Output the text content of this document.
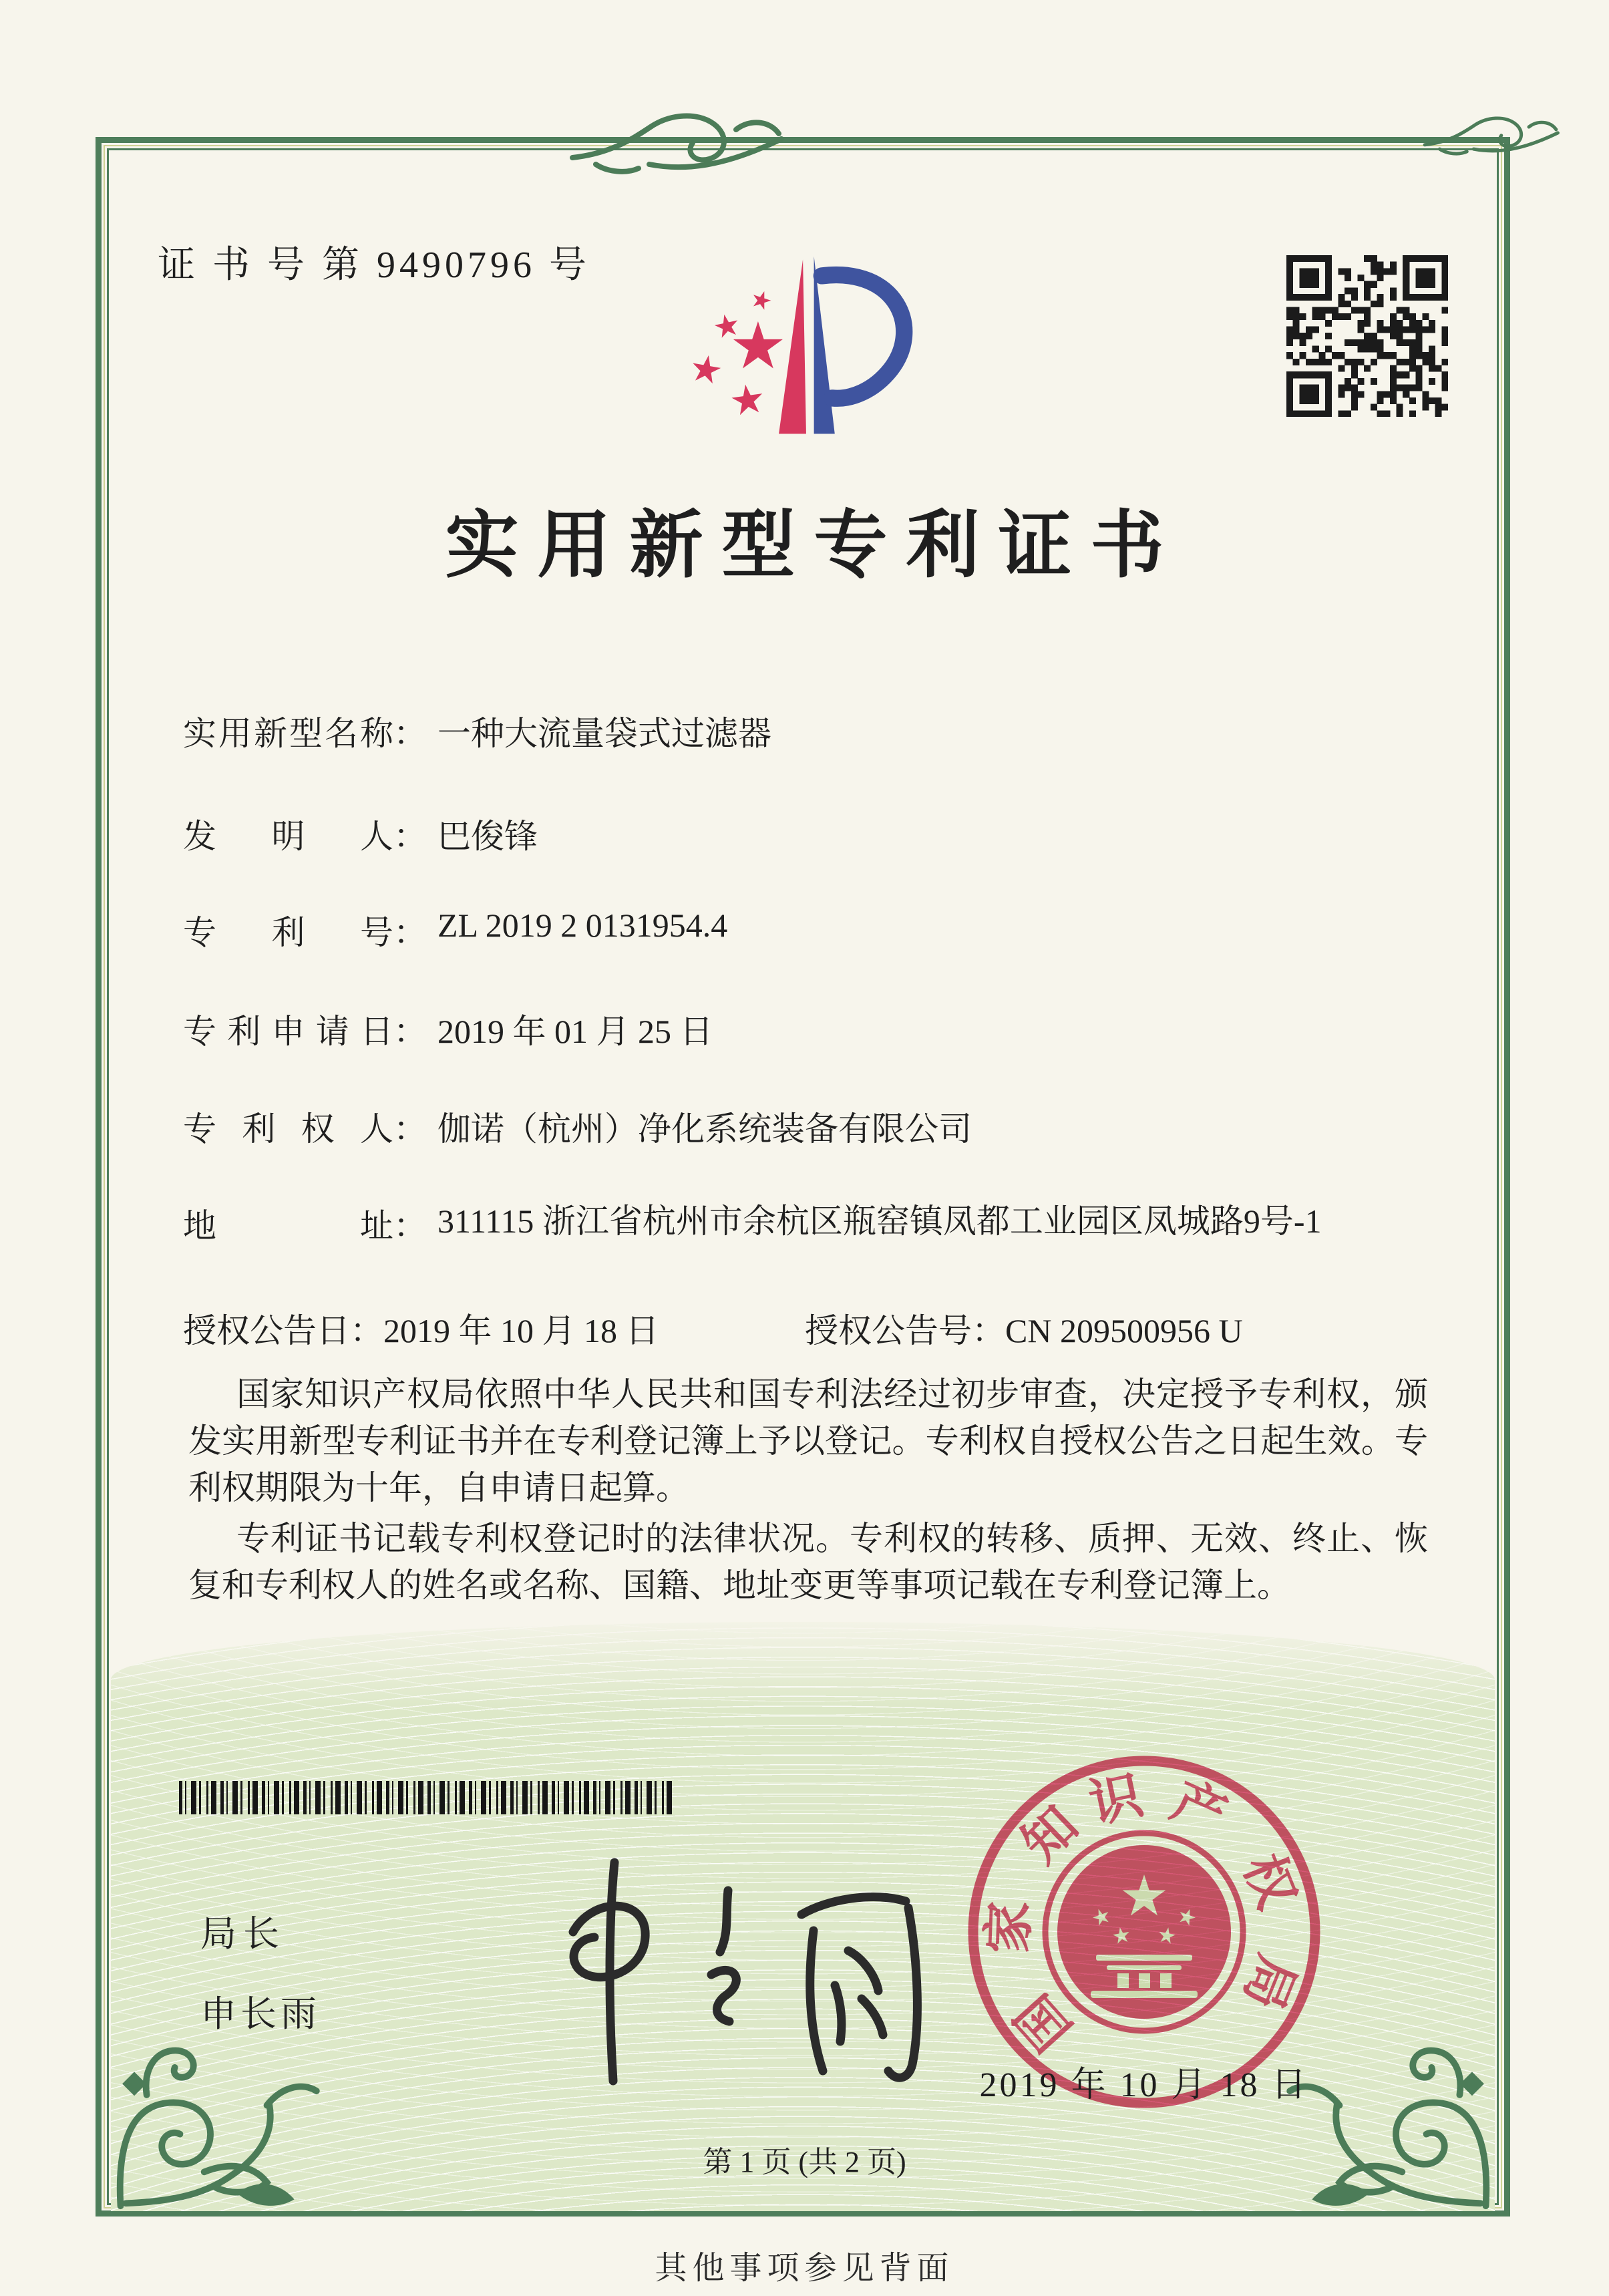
证 书 号 第 9490796 号
实用新型专利证书
实用新型名称： 一种大流量袋式过滤器
发明人： 巴俊锋
专利号： ZL 2019 2 0131954.4
专利申请日： 2019 年 01 月 25 日
专利权人： 伽诺（杭州）净化系统装备有限公司
地址： 311115 浙江省杭州市余杭区瓶窑镇凤都工业园区凤城路9号-1
授权公告日：2019 年 10 月 18 日	授权公告号：CN 209500956 U

国家知识产权局依照中华人民共和国专利法经过初步审查，决定授予专利权，颁发实用新型专利证书并在专利登记簿上予以登记。专利权自授权公告之日起生效。专利权期限为十年，自申请日起算。

专利证书记载专利权登记时的法律状况。专利权的转移、质押、无效、终止、恢复和专利权人的姓名或名称、国籍、地址变更等事项记载在专利登记簿上。

局长
申长雨	国
家
知
识 产
权
局
2019 年 10 月 18 日
第 1 页 (共 2 页)
其他事项参见背面
